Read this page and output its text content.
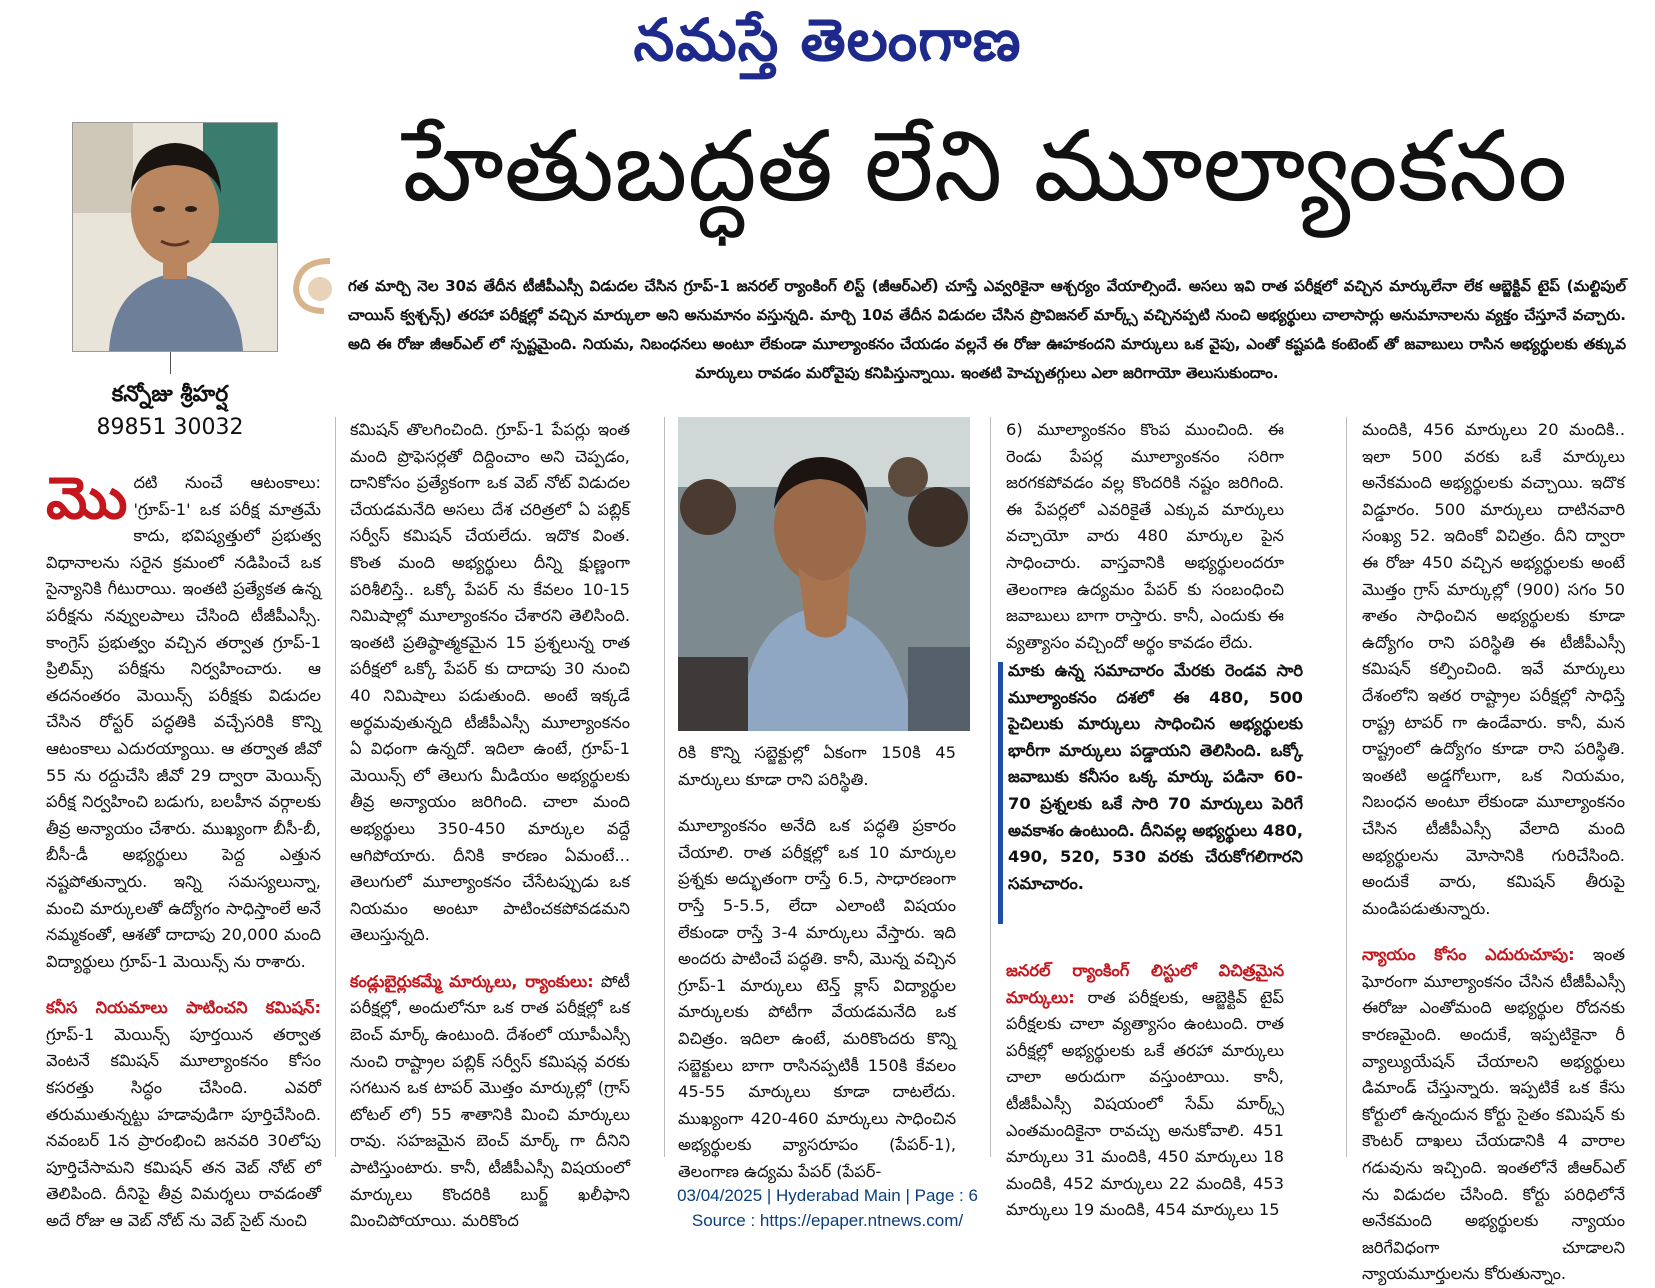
నమస్తే తెలంగాణ
హేతుబద్ధత లేని మూల్యాంకనం
కన్నోజు శ్రీహర్ష
89851 30032
గత మార్చి నెల 30వ తేదీన టీజీపీఎస్సీ విడుదల చేసిన గ్రూప్-1 జనరల్ ర్యాంకింగ్ లిస్ట్ (జీఆర్ఎల్) చూస్తే ఎవ్వరికైనా ఆశ్చర్యం వేయాల్సిందే. అసలు ఇవి రాత పరీక్షలో వచ్చిన మార్కులేనా లేక ఆబ్జెక్టివ్ టైప్ (మల్టిపుల్ చాయిస్ క్వశ్చన్స్) తరహా పరీక్షల్లో వచ్చిన మార్కులా అని అనుమానం వస్తున్నది. మార్చి 10వ తేదీన విడుదల చేసిన ప్రొవిజనల్ మార్క్స్ వచ్చినప్పటి నుంచి అభ్యర్థులు చాలాసార్లు అనుమానాలను వ్యక్తం చేస్తూనే వచ్చారు. అది ఈ రోజు జీఆర్ఎల్ లో స్పష్టమైంది. నియమ, నిబంధనలు అంటూ లేకుండా మూల్యాంకనం చేయడం వల్లనే ఈ రోజు ఊహకందని మార్కులు ఒక వైపు, ఎంతో కష్టపడి కంటెంట్ తో జవాబులు రాసిన అభ్యర్థులకు తక్కువ మార్కులు రావడం మరోవైపు కనిపిస్తున్నాయి. ఇంతటి హెచ్చుతగ్గులు ఎలా జరిగాయో తెలుసుకుందాం.

మొదటి నుంచే ఆటంకాలు: 'గ్రూప్-1' ఒక పరీక్ష మాత్రమే కాదు, భవిష్యత్తులో ప్రభుత్వ విధానాలను సరైన క్రమంలో నడిపించే ఒక సైన్యానికి గీటురాయి. ఇంతటి ప్రత్యేకత ఉన్న పరీక్షను నవ్వులపాలు చేసింది టీజీపీఎస్సీ. కాంగ్రెస్ ప్రభుత్వం వచ్చిన తర్వాత గ్రూప్-1 ప్రిలిమ్స్ పరీక్షను నిర్వహించారు. ఆ తదనంతరం మెయిన్స్ పరీక్షకు విడుదల చేసిన రోస్టర్ పద్ధతికి వచ్చేసరికి కొన్ని ఆటంకాలు ఎదురయ్యాయి. ఆ తర్వాత జీవో 55 ను రద్దుచేసి జీవో 29 ద్వారా మెయిన్స్ పరీక్ష నిర్వహించి బడుగు, బలహీన వర్గాలకు తీవ్ర అన్యాయం చేశారు. ముఖ్యంగా బీసీ-బీ, బీసీ-డీ అభ్యర్థులు పెద్ద ఎత్తున నష్టపోతున్నారు. ఇన్ని సమస్యలున్నా, మంచి మార్కులతో ఉద్యోగం సాధిస్తాంలే అనే నమ్మకంతో, ఆశతో దాదాపు 20,000 మంది విద్యార్థులు గ్రూప్-1 మెయిన్స్ ను రాశారు.

కనీస నియమాలు పాటించని కమిషన్: గ్రూప్-1 మెయిన్స్ పూర్తయిన తర్వాత వెంటనే కమిషన్ మూల్యాంకనం కోసం కసరత్తు సిద్ధం చేసింది. ఎవరో తరుముతున్నట్టు హడావుడిగా పూర్తిచేసింది. నవంబర్ 1న ప్రారంభించి జనవరి 30లోపు పూర్తిచేసామని కమిషన్ తన వెబ్ నోట్ లో తెలిపింది. దీనిపై తీవ్ర విమర్శలు రావడంతో అదే రోజు ఆ వెబ్ నోట్ ను వెబ్ సైట్ నుంచి

కమిషన్ తొలగించింది. గ్రూప్-1 పేపర్లు ఇంత మంది ప్రొఫెసర్లతో దిద్దించాం అని చెప్పడం, దానికోసం ప్రత్యేకంగా ఒక వెబ్ నోట్ విడుదల చేయడమనేది అసలు దేశ చరిత్రలో ఏ పబ్లిక్ సర్వీస్ కమిషన్ చేయలేదు. ఇదొక వింత. కొంత మంది అభ్యర్థులు దీన్ని క్షుణ్ణంగా పరిశీలిస్తే.. ఒక్కో పేపర్ ను కేవలం 10-15 నిమిషాల్లో మూల్యాంకనం చేశారని తెలిసింది. ఇంతటి ప్రతిష్ఠాత్మకమైన 15 ప్రశ్నలున్న రాత పరీక్షలో ఒక్కో పేపర్ కు దాదాపు 30 నుంచి 40 నిమిషాలు పడుతుంది. అంటే ఇక్కడే అర్థమవుతున్నది టీజీపీఎస్సీ మూల్యాంకనం ఏ విధంగా ఉన్నదో. ఇదిలా ఉంటే, గ్రూప్-1 మెయిన్స్ లో తెలుగు మీడియం అభ్యర్థులకు తీవ్ర అన్యాయం జరిగింది. చాలా మంది అభ్యర్థులు 350-450 మార్కుల వద్దే ఆగిపోయారు. దీనికి కారణం ఏమంటే... తెలుగులో మూల్యాంకనం చేసేటప్పుడు ఒక నియమం అంటూ పాటించకపోవడమని తెలుస్తున్నది.

కండ్లుబైర్లుకమ్మే మార్కులు, ర్యాంకులు: పోటీ పరీక్షల్లో, అందులోనూ ఒక రాత పరీక్షల్లో ఒక బెంచ్ మార్క్ ఉంటుంది. దేశంలో యూపీఎస్సీ నుంచి రాష్ట్రాల పబ్లిక్ సర్వీస్ కమిషన్ల వరకు సగటున ఒక టాపర్ మొత్తం మార్కుల్లో (గ్రాస్ టోటల్ లో) 55 శాతానికి మించి మార్కులు రావు. సహజమైన బెంచ్ మార్క్ గా దీనిని పాటిస్తుంటారు. కానీ, టీజీపీఎస్సీ విషయంలో మార్కులు కొందరికి బుర్జ్ ఖలీఫాని మించిపోయాయి. మరికొంద

రికి కొన్ని సబ్జెక్టుల్లో ఏకంగా 150కి 45 మార్కులు కూడా రాని పరిస్థితి.

మూల్యాంకనం అనేది ఒక పద్ధతి ప్రకారం చేయాలి. రాత పరీక్షల్లో ఒక 10 మార్కుల ప్రశ్నకు అద్భుతంగా రాస్తే 6.5, సాధారణంగా రాస్తే 5-5.5, లేదా ఎలాంటి విషయం లేకుండా రాస్తే 3-4 మార్కులు వేస్తారు. ఇది అందరు పాటించే పద్ధతి. కానీ, మొన్న వచ్చిన గ్రూప్-1 మార్కులు టెన్త్ క్లాస్ విద్యార్థుల మార్కులకు పోటీగా వేయడమనేది ఒక విచిత్రం. ఇదిలా ఉంటే, మరికొందరు కొన్ని సబ్జెక్టులు బాగా రాసినప్పటికీ 150కి కేవలం 45-55 మార్కులు కూడా దాటలేదు. ముఖ్యంగా 420-460 మార్కులు సాధించిన అభ్యర్థులకు వ్యాసరూపం (పేపర్-1), తెలంగాణ ఉద్యమ పేపర్ (పేపర్-

6) మూల్యాంకనం కొంప ముంచింది. ఈ రెండు పేపర్ల మూల్యాంకనం సరిగా జరగకపోవడం వల్ల కొందరికి నష్టం జరిగింది. ఈ పేపర్లలో ఎవరికైతే ఎక్కువ మార్కులు వచ్చాయో వారు 480 మార్కుల పైన సాధించారు. వాస్తవానికి అభ్యర్థులందరూ తెలంగాణ ఉద్యమం పేపర్ కు సంబంధించి జవాబులు బాగా రాస్తారు. కానీ, ఎందుకు ఈ వ్యత్యాసం వచ్చిందో అర్థం కావడం లేదు.

మాకు ఉన్న సమాచారం మేరకు రెండవ సారి మూల్యాంకనం దశలో ఈ 480, 500 పైచిలుకు మార్కులు సాధించిన అభ్యర్థులకు భారీగా మార్కులు పడ్డాయని తెలిసింది. ఒక్కో జవాబుకు కనీసం ఒక్క మార్కు పడినా 60-70 ప్రశ్నలకు ఒకే సారి 70 మార్కులు పెరిగే అవకాశం ఉంటుంది. దీనివల్ల అభ్యర్థులు 480, 490, 520, 530 వరకు చేరుకోగలిగారని సమాచారం.

జనరల్ ర్యాంకింగ్ లిస్టులో విచిత్రమైన మార్కులు: రాత పరీక్షలకు, ఆబ్జెక్టివ్ టైప్ పరీక్షలకు చాలా వ్యత్యాసం ఉంటుంది. రాత పరీక్షల్లో అభ్యర్థులకు ఒకే తరహా మార్కులు చాలా అరుదుగా వస్తుంటాయి. కానీ, టీజీపీఎస్సీ విషయంలో సేమ్ మార్క్స్ ఎంతమందికైనా రావచ్చు అనుకోవాలి. 451 మార్కులు 31 మందికి, 450 మార్కులు 18 మందికి, 452 మార్కులు 22 మందికి, 453 మార్కులు 19 మందికి, 454 మార్కులు 15

మందికి, 456 మార్కులు 20 మందికి.. ఇలా 500 వరకు ఒకే మార్కులు అనేకమంది అభ్యర్థులకు వచ్చాయి. ఇదొక విడ్డూరం. 500 మార్కులు దాటినవారి సంఖ్య 52. ఇదింకో విచిత్రం. దీని ద్వారా ఈ రోజు 450 వచ్చిన అభ్యర్థులకు అంటే మొత్తం గ్రాస్ మార్కుల్లో (900) సగం 50 శాతం సాధించిన అభ్యర్థులకు కూడా ఉద్యోగం రాని పరిస్థితి ఈ టీజీపీఎస్సీ కమిషన్ కల్పించింది. ఇవే మార్కులు దేశంలోని ఇతర రాష్ట్రాల పరీక్షల్లో సాధిస్తే రాష్ట్ర టాపర్ గా ఉండేవారు. కానీ, మన రాష్ట్రంలో ఉద్యోగం కూడా రాని పరిస్థితి. ఇంతటి అడ్డగోలుగా, ఒక నియమం, నిబంధన అంటూ లేకుండా మూల్యాంకనం చేసిన టీజీపీఎస్సీ వేలాది మంది అభ్యర్థులను మోసానికి గురిచేసింది. అందుకే వారు, కమిషన్ తీరుపై మండిపడుతున్నారు.

న్యాయం కోసం ఎదురుచూపు: ఇంత ఘోరంగా మూల్యాంకనం చేసిన టీజీపీఎస్సీ ఈరోజు ఎంతోమంది అభ్యర్థుల రోదనకు కారణమైంది. అందుకే, ఇప్పటికైనా రీ వ్యాల్యుయేషన్ చేయాలని అభ్యర్థులు డిమాండ్ చేస్తున్నారు. ఇప్పటికే ఒక కేసు కోర్టులో ఉన్నందున కోర్టు సైతం కమిషన్ కు కౌంటర్ దాఖలు చేయడానికి 4 వారాల గడువును ఇచ్చింది. ఇంతలోనే జీఆర్ఎల్ ను విడుదల చేసింది. కోర్టు పరిధిలోనే అనేకమంది అభ్యర్థులకు న్యాయం జరిగేవిధంగా చూడాలని న్యాయమూర్తులను కోరుతున్నాం.

03/04/2025 | Hyderabad Main | Page : 6
Source : https://epaper.ntnews.com/
